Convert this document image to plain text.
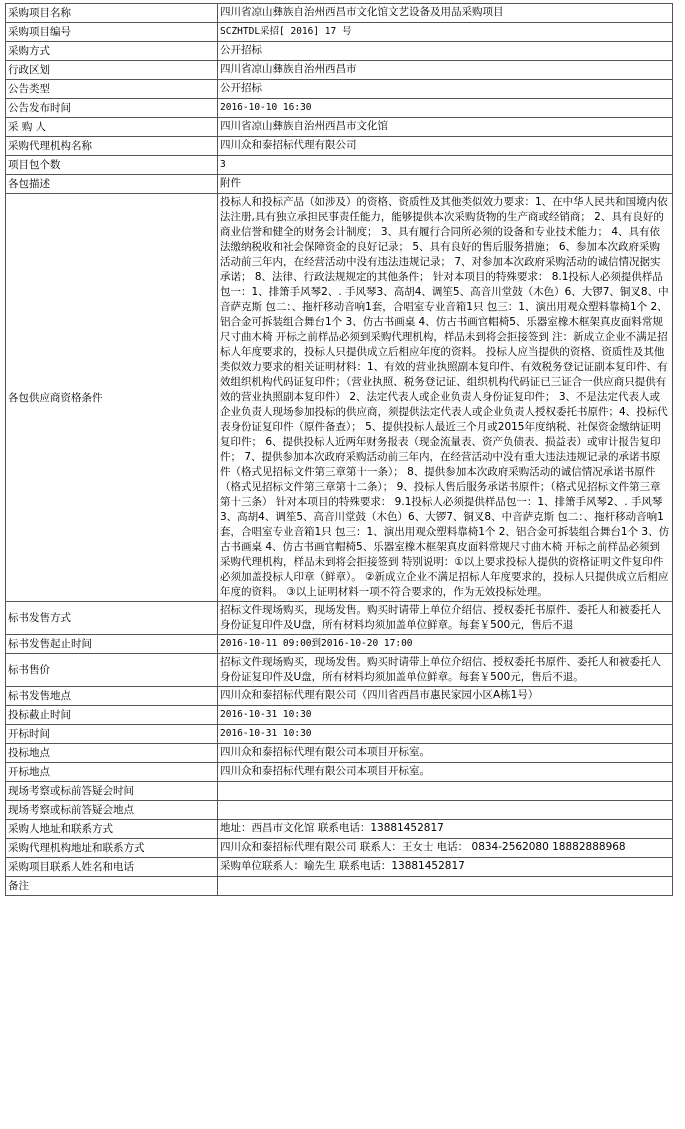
采购项目名称	四川省凉山彝族自治州西昌市文化馆文艺设备及用品采购项目
采购项目编号	SCZHTDL采招[ 2016] 17 号
采购方式	公开招标
行政区划	四川省凉山彝族自治州西昌市
公告类型	公开招标
公告发布时间	2016-10-10 16:30
采 购 人	四川省凉山彝族自治州西昌市文化馆
采购代理机构名称	四川众和泰招标代理有限公司
项目包个数	3
各包描述	附件
各包供应商资格条件	投标人和投标产品（如涉及）的资格、资质性及其他类似效力要求：1、在中华人民共和国境内依法注册,具有独立承担民事责任能力，能够提供本次采购货物的生产商或经销商； 2、具有良好的商业信誉和健全的财务会计制度； 3、具有履行合同所必须的设备和专业技术能力； 4、具有依法缴纳税收和社会保障资金的良好记录； 5、具有良好的售后服务措施； 6、参加本次政府采购活动前三年内，在经营活动中没有违法违规记录； 7、对参加本次政府采购活动的诚信情况据实承诺； 8、法律、行政法规规定的其他条件； 针对本项目的特殊要求： 8.1投标人必须提供样品包一：1、排箫手风琴2、. 手风琴3、高胡4、调笙5、高音川堂鼓（木色）6、大锣7、铜叉8、中音萨克斯 包二：、拖杆移动音响1套，合唱室专业音箱1只 包三：1、演出用观众塑料靠椅1个 2、铝合金可拆装组合舞台1个 3、仿古书画桌 4、仿古书画官帽椅5、乐器室橡木框架真皮面料常规尺寸曲木椅 开标之前样品必须到采购代理机构，样品未到将会拒接签到 注：新成立企业不满足招标人年度要求的，投标人只提供成立后相应年度的资料。 投标人应当提供的资格、资质性及其他类似效力要求的相关证明材料：1、有效的营业执照副本复印件、有效税务登记证副本复印件、有效组织机构代码证复印件；（营业执照、税务登记证、组织机构代码证已三证合一供应商只提供有效的营业执照副本复印件） 2、法定代表人或企业负责人身份证复印件； 3、不是法定代表人或企业负责人现场参加投标的供应商，须提供法定代表人或企业负责人授权委托书原件；4、投标代表身份证复印件（原件备查）； 5、提供投标人最近三个月或2015年度纳税、社保资金缴纳证明复印件； 6、提供投标人近两年财务报表（现金流量表、资产负债表、损益表）或审计报告复印件； 7、提供参加本次政府采购活动前三年内，在经营活动中没有重大违法违规记录的承诺书原件（格式见招标文件第三章第十一条）； 8、提供参加本次政府采购活动的诚信情况承诺书原件（格式见招标文件第三章第十二条）； 9、投标人售后服务承诺书原件；（格式见招标文件第三章第十三条） 针对本项目的特殊要求： 9.1投标人必须提供样品包一：1、排箫手风琴2、. 手风琴3、高胡4、调笙5、高音川堂鼓（木色）6、大锣7、铜叉8、中音萨克斯 包二：、拖杆移动音响1套，合唱室专业音箱1只 包三：1、演出用观众塑料靠椅1个 2、铝合金可拆装组合舞台1个 3、仿古书画桌 4、仿古书画官帽椅5、乐器室橡木框架真皮面料常规尺寸曲木椅 开标之前样品必须到采购代理机构，样品未到将会拒接签到 特别说明：①以上要求投标人提供的资格证明文件复印件必须加盖投标人印章（鲜章）。 ②新成立企业不满足招标人年度要求的，投标人只提供成立后相应年度的资料。 ③以上证明材料一项不符合要求的，作为无效投标处理。
标书发售方式	招标文件现场购买，现场发售。购买时请带上单位介绍信、授权委托书原件、委托人和被委托人身份证复印件及U盘，所有材料均须加盖单位鲜章。每套￥500元，售后不退
标书发售起止时间	2016-10-11 09:00到2016-10-20 17:00
标书售价	招标文件现场购买，现场发售。购买时请带上单位介绍信、授权委托书原件、委托人和被委托人身份证复印件及U盘，所有材料均须加盖单位鲜章。每套￥500元，售后不退。
标书发售地点	四川众和泰招标代理有限公司（四川省西昌市惠民家园小区A栋1号）
投标截止时间	2016-10-31 10:30
开标时间	2016-10-31 10:30
投标地点	四川众和泰招标代理有限公司本项目开标室。
开标地点	四川众和泰招标代理有限公司本项目开标室。
现场考察或标前答疑会时间	
现场考察或标前答疑会地点	
采购人地址和联系方式	地址：西昌市文化馆 联系电话：13881452817
采购代理机构地址和联系方式	四川众和泰招标代理有限公司 联系人：王女士 电话： 0834-2562080 18882888968
采购项目联系人姓名和电话	采购单位联系人：喻先生 联系电话：13881452817
备注	
